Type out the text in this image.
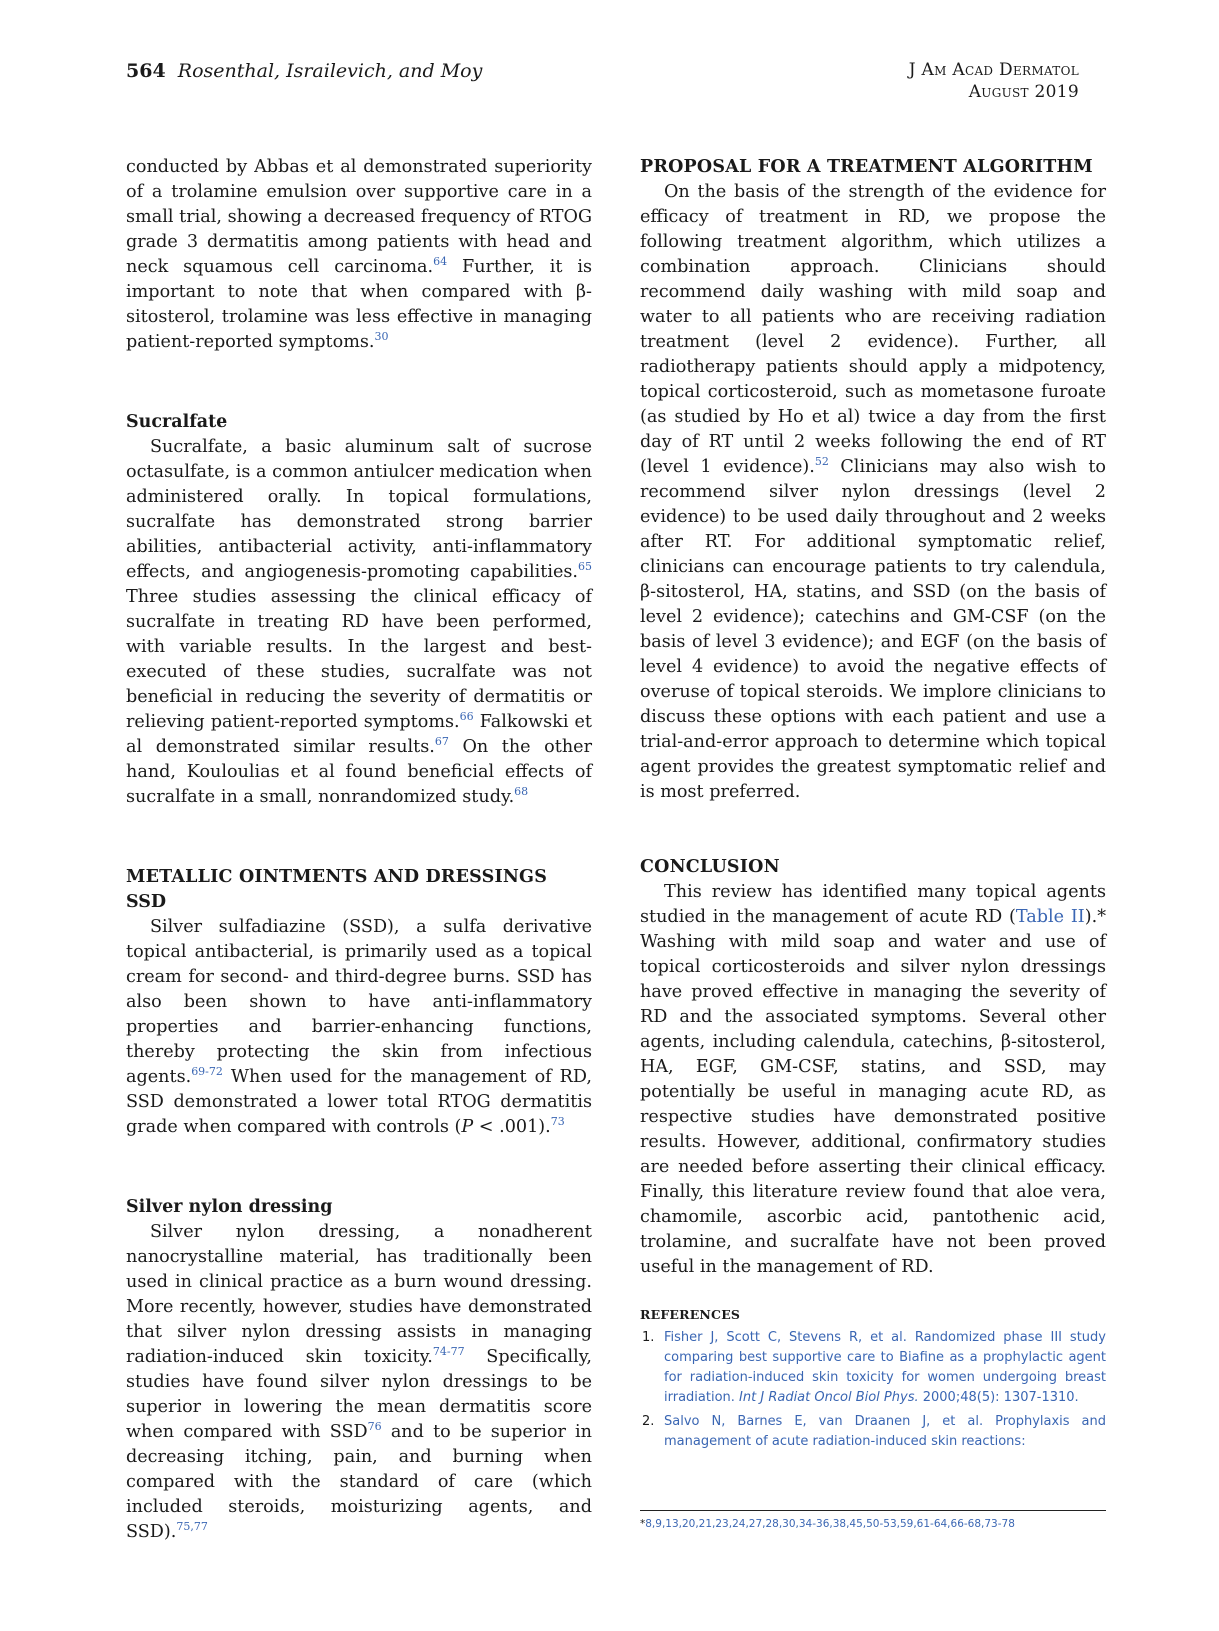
564 Rosenthal, Israilevich, and Moy	J Am Acad Dermatol
August 2019

conducted by Abbas et al demonstrated superiority of a trolamine emulsion over supportive care in a small trial, showing a decreased frequency of RTOG grade 3 dermatitis among patients with head and neck squamous cell carcinoma.$^{64}$ Further, it is important to note that when compared with β-sitosterol, trolamine was less effective in managing patient-reported symptoms.$^{30}$

Sucralfate

Sucralfate, a basic aluminum salt of sucrose octasulfate, is a common antiulcer medication when administered orally. In topical formulations, sucralfate has demonstrated strong barrier abilities, antibacterial activity, anti-inflammatory effects, and angiogenesis-promoting capabilities.$^{65}$ Three studies assessing the clinical efficacy of sucralfate in treating RD have been performed, with variable results. In the largest and best-executed of these studies, sucralfate was not beneficial in reducing the severity of dermatitis or relieving patient-reported symptoms.$^{66}$ Falkowski et al demonstrated similar results.$^{67}$ On the other hand, Kouloulias et al found beneficial effects of sucralfate in a small, nonrandomized study.$^{68}$

METALLIC OINTMENTS AND DRESSINGS
SSD

Silver sulfadiazine (SSD), a sulfa derivative topical antibacterial, is primarily used as a topical cream for second- and third-degree burns. SSD has also been shown to have anti-inflammatory properties and barrier-enhancing functions, thereby protecting the skin from infectious agents.$^{69-72}$ When used for the management of RD, SSD demonstrated a lower total RTOG dermatitis grade when compared with controls (P < .001).$^{73}$

Silver nylon dressing

Silver nylon dressing, a nonadherent nanocrystalline material, has traditionally been used in clinical practice as a burn wound dressing. More recently, however, studies have demonstrated that silver nylon dressing assists in managing radiation-induced skin toxicity.$^{74-77}$ Specifically, studies have found silver nylon dressings to be superior in lowering the mean dermatitis score when compared with SSD$^{76}$ and to be superior in decreasing itching, pain, and burning when compared with the standard of care (which included steroids, moisturizing agents, and SSD).$^{75,77}$

PROPOSAL FOR A TREATMENT ALGORITHM

On the basis of the strength of the evidence for efficacy of treatment in RD, we propose the following treatment algorithm, which utilizes a combination approach. Clinicians should recommend daily washing with mild soap and water to all patients who are receiving radiation treatment (level 2 evidence). Further, all radiotherapy patients should apply a midpotency, topical corticosteroid, such as mometasone furoate (as studied by Ho et al) twice a day from the first day of RT until 2 weeks following the end of RT (level 1 evidence).$^{52}$ Clinicians may also wish to recommend silver nylon dressings (level 2 evidence) to be used daily throughout and 2 weeks after RT. For additional symptomatic relief, clinicians can encourage patients to try calendula, β-sitosterol, HA, statins, and SSD (on the basis of level 2 evidence); catechins and GM-CSF (on the basis of level 3 evidence); and EGF (on the basis of level 4 evidence) to avoid the negative effects of overuse of topical steroids. We implore clinicians to discuss these options with each patient and use a trial-and-error approach to determine which topical agent provides the greatest symptomatic relief and is most preferred.

CONCLUSION

This review has identified many topical agents studied in the management of acute RD (Table II).* Washing with mild soap and water and use of topical corticosteroids and silver nylon dressings have proved effective in managing the severity of RD and the associated symptoms. Several other agents, including calendula, catechins, β-sitosterol, HA, EGF, GM-CSF, statins, and SSD, may potentially be useful in managing acute RD, as respective studies have demonstrated positive results. However, additional, confirmatory studies are needed before asserting their clinical efficacy. Finally, this literature review found that aloe vera, chamomile, ascorbic acid, pantothenic acid, trolamine, and sucralfate have not been proved useful in the management of RD.

REFERENCES
1. Fisher J, Scott C, Stevens R, et al. Randomized phase III study comparing best supportive care to Biafine as a prophylactic agent for radiation-induced skin toxicity for women undergoing breast irradiation. Int J Radiat Oncol Biol Phys. 2000;48(5): 1307-1310.
2. Salvo N, Barnes E, van Draanen J, et al. Prophylaxis and management of acute radiation-induced skin reactions:
*8,9,13,20,21,23,24,27,28,30,34-36,38,45,50-53,59,61-64,66-68,73-78
